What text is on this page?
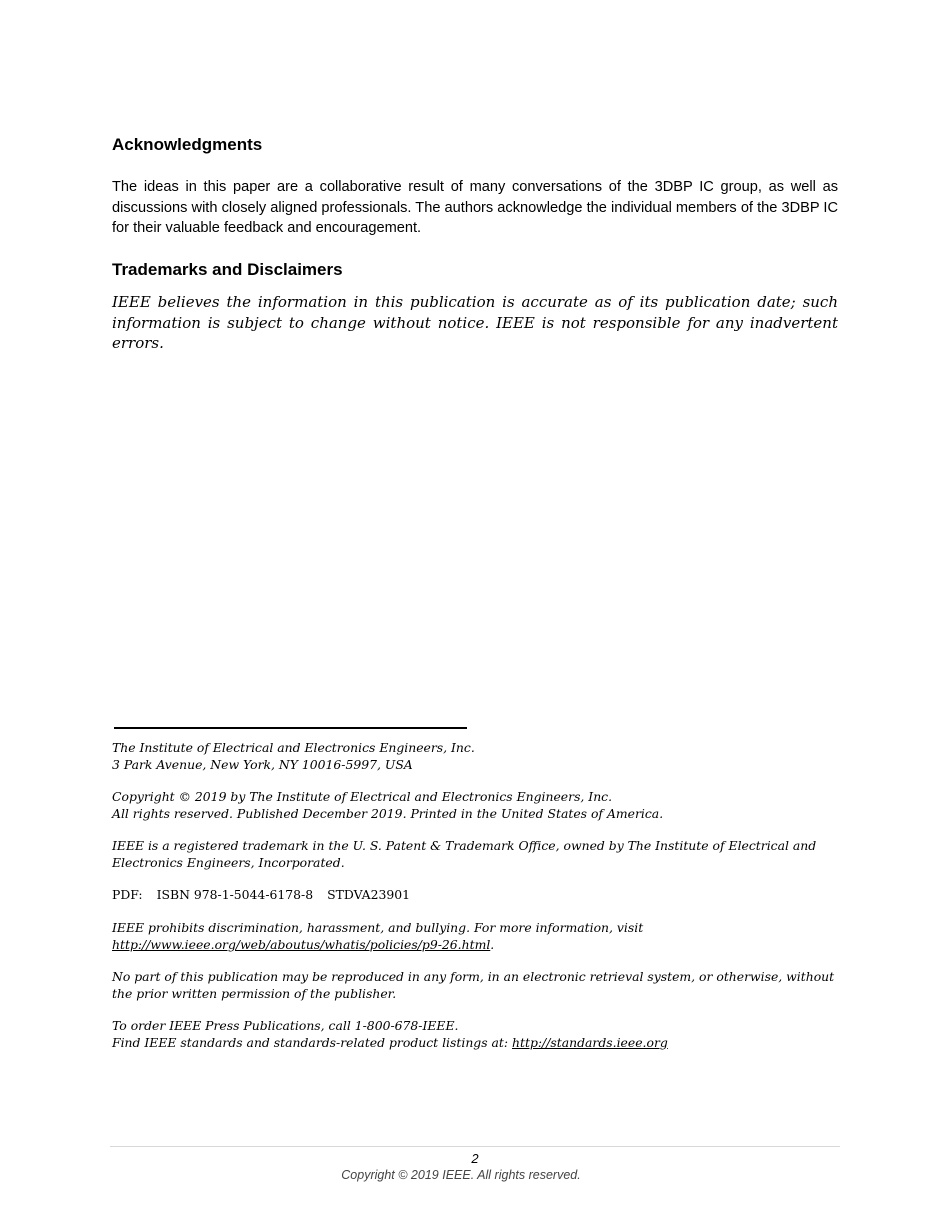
Acknowledgments

The ideas in this paper are a collaborative result of many conversations of the 3DBP IC group, as well as discussions with closely aligned professionals. The authors acknowledge the individual members of the 3DBP IC for their valuable feedback and encouragement.

Trademarks and Disclaimers

IEEE believes the information in this publication is accurate as of its publication date; such information is subject to change without notice. IEEE is not responsible for any inadvertent errors.

The Institute of Electrical and Electronics Engineers, Inc.
3 Park Avenue, New York, NY 10016-5997, USA
Copyright © 2019 by The Institute of Electrical and Electronics Engineers, Inc.
All rights reserved. Published December 2019. Printed in the United States of America.
IEEE is a registered trademark in the U. S. Patent & Trademark Office, owned by The Institute of Electrical and Electronics Engineers, Incorporated.
PDF: ISBN 978-1-5044-6178-8 STDVA23901
IEEE prohibits discrimination, harassment, and bullying. For more information, visit
http://www.ieee.org/web/aboutus/whatis/policies/p9-26.html.
No part of this publication may be reproduced in any form, in an electronic retrieval system, or otherwise, without the prior written permission of the publisher.
To order IEEE Press Publications, call 1-800-678-IEEE.
Find IEEE standards and standards-related product listings at: http://standards.ieee.org

2

Copyright © 2019 IEEE. All rights reserved.
